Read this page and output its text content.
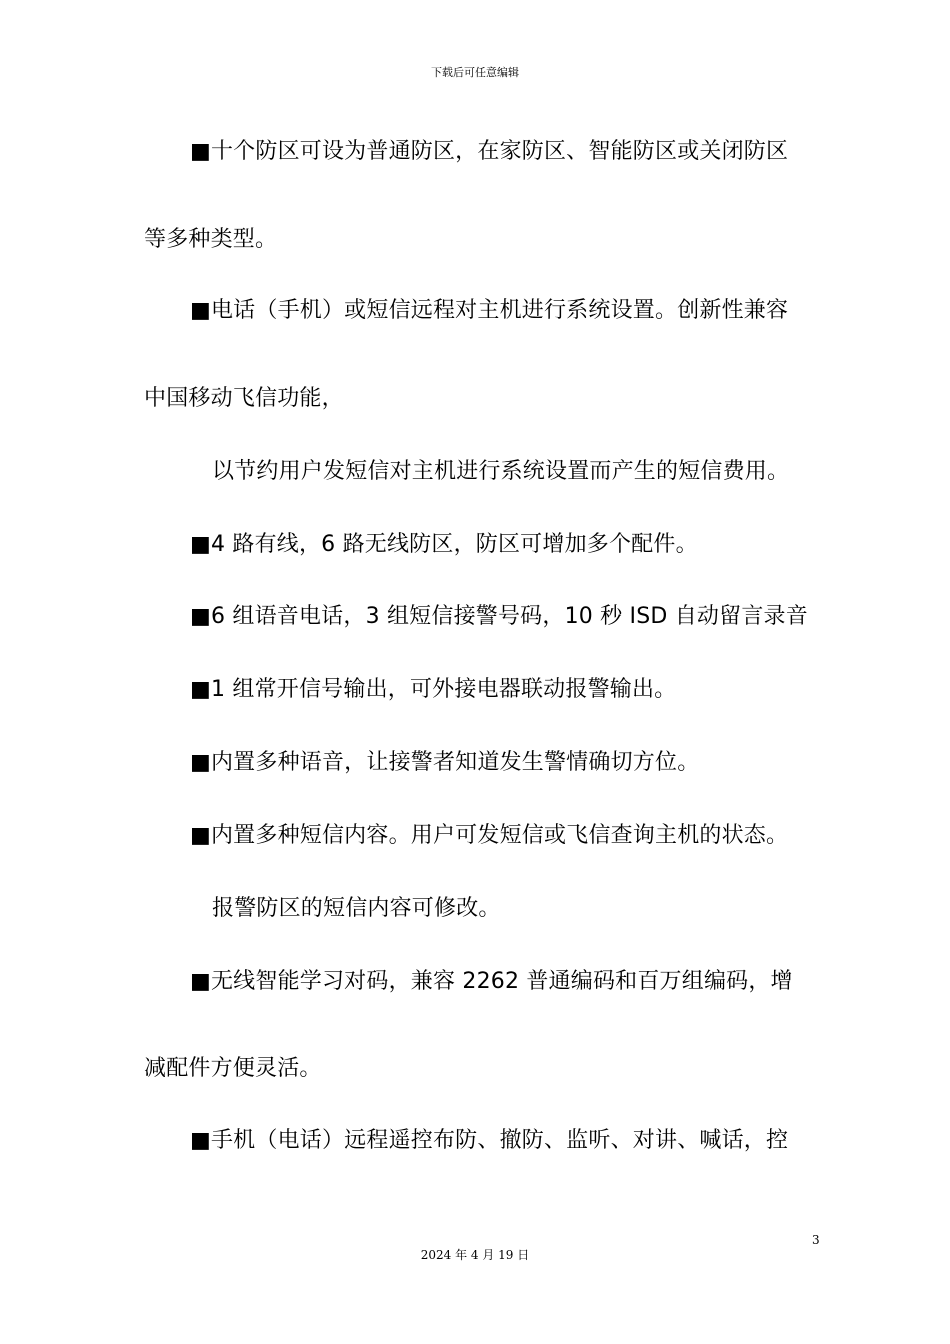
下载后可任意编辑
■十个防区可设为普通防区，在家防区、智能防区或关闭防区
等多种类型。
■电话（手机）或短信远程对主机进行系统设置。创新性兼容
中国移动飞信功能，
以节约用户发短信对主机进行系统设置而产生的短信费用。
■4 路有线，6 路无线防区，防区可增加多个配件。
■6 组语音电话，3 组短信接警号码，10 秒 ISD 自动留言录音
■1 组常开信号输出，可外接电器联动报警输出。
■内置多种语音，让接警者知道发生警情确切方位。
■内置多种短信内容。用户可发短信或飞信查询主机的状态。
报警防区的短信内容可修改。
■无线智能学习对码，兼容 2262 普通编码和百万组编码，增
减配件方便灵活。
■手机（电话）远程遥控布防、撤防、监听、对讲、喊话，控
3
2024 年 4 月 19 日
